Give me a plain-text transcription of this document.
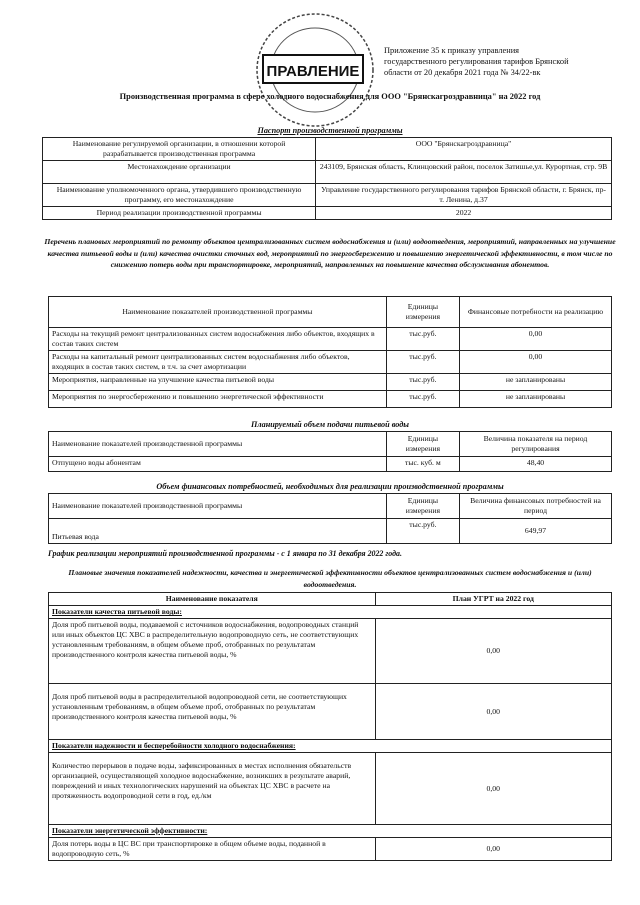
ПРАВЛЕНИЕ
Приложение 35 к приказу управления
государственного регулирования тарифов Брянской
области от 20 декабря 2021 года № 34/22-вк
Производственная программа в сфере холодного водоснабжения для ООО "Брянскагроздравница" на 2022 год
Паспорт производственной программы
Наименование регулируемой организации, в отношении которой разрабатывается производственная программа	ООО "Брянскагроздравница"
Местонахождение организации	243109, Брянская область, Клинцовский район, поселок Затишье,ул. Курортная, стр. 9В
Наименование уполномоченного органа, утвердившего производственную программу, его местонахождение	Управление государственного регулирования тарифов Брянской области, г. Брянск, пр-т. Ленина, д.37
Период реализации производственной программы	2022
Перечень плановых мероприятий по ремонту объектов централизованных систем водоснабжения и (или) водоотведения, мероприятий, направленных на улучшение качества питьевой воды и (или) качества очистки сточных вод, мероприятий по энергосбережению и повышению энергетической эффективности, в том числе по снижению потерь воды при транспортировке, мероприятий, направленных на повышение качества обслуживания абонентов.
Наименование показателей производственной программы	Единицы измерения	Финансовые потребности на реализацию
Расходы на текущий ремонт централизованных систем водоснабжения либо объектов, входящих в состав таких систем	тыс.руб.	0,00
Расходы на капитальный ремонт централизованных систем водоснабжения либо объектов, входящих в состав таких систем, в т.ч. за счет амортизации	тыс.руб.	0,00
Мероприятия, направленные на улучшение качества питьевой воды	тыс.руб.	не запланированы
Мероприятия по энергосбережению и повышению энергетической эффективности	тыс.руб.	не запланированы
Планируемый объем подачи питьевой воды
Наименование показателей производственной программы	Единицы измерения	Величина показателя на период регулирования
Отпущено воды абонентам	тыс. куб. м	48,40
Объем финансовых потребностей, необходимых для реализации производственной программы
Наименование показателей производственной программы	Единицы измерения	Величина финансовых потребностей на период
Питьевая вода	тыс.руб.	649,97
График реализации мероприятий производственной программы - с 1 январа по 31 декабря 2022 года.
Плановые значения показателей надежности, качества и энергетической эффективности объектов централизованных систем водоснабжения и (или) водоотведения.
Наименование показателя	План УГРТ на 2022 год
Показатели качества питьевой воды:	
Доля проб питьевой воды, подаваемой с источников водоснабжения, водопроводных станций или иных объектов ЦС ХВС в распределительную водопроводную сеть, не соответствующих установленным требованиям, в общем объеме проб, отобранных по результатам производственного контроля качества питьевой воды, %	0,00
Доля проб питьевой воды в распределительной водопроводной сети, не соответствующих установленным требованиям, в общем объеме проб, отобранных по результатам производственного контроля качества питьевой воды, %	0,00
Показатели надежности и бесперебойности холодного водоснабжения:	
Количество перерывов в подаче воды, зафиксированных в местах исполнения обязательств организацией, осуществляющей холодное водоснабжение, возникших в результате аварий, повреждений и иных технологических нарушений на объектах ЦС ХВС в расчете на протяженность водопроводной сети в год, ед./км	0,00
Показатели энергетической эффективности:	
Доля потерь воды в ЦС ВС при транспортировке в общем объеме воды, поданной в водопроводную сеть, %	0,00
